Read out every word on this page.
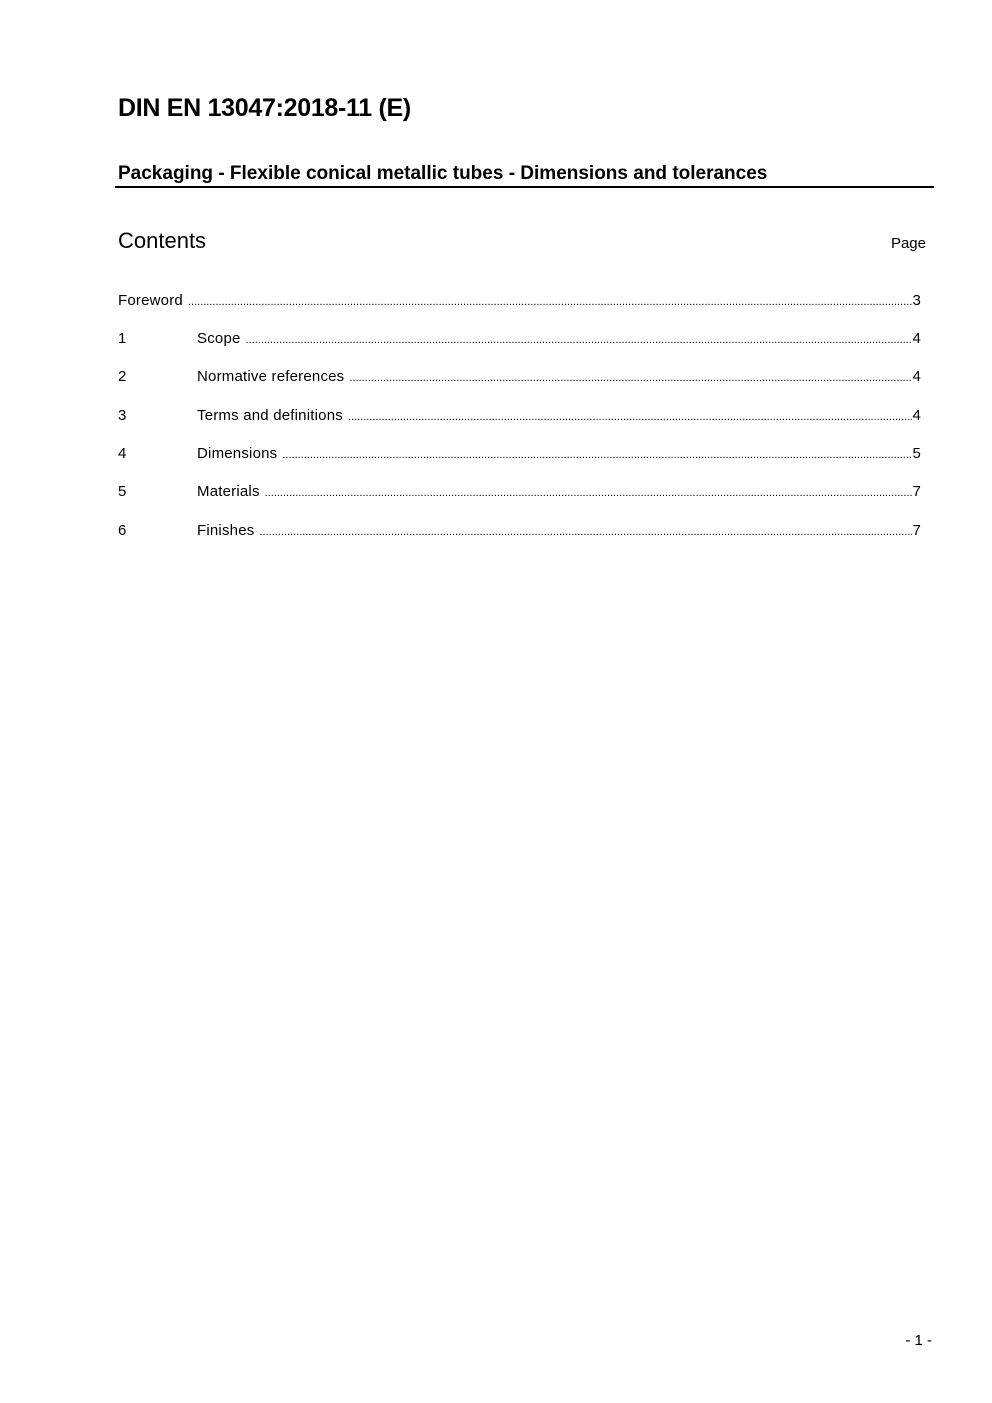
DIN EN 13047:2018-11 (E)
Packaging - Flexible conical metallic tubes - Dimensions and tolerances
Contents	Page
Foreword .....	3
1	Scope .....	4
2	Normative references .....	4
3	Terms and definitions .....	4
4	Dimensions .....	5
5	Materials .....	7
6	Finishes .....	7
- 1 -
